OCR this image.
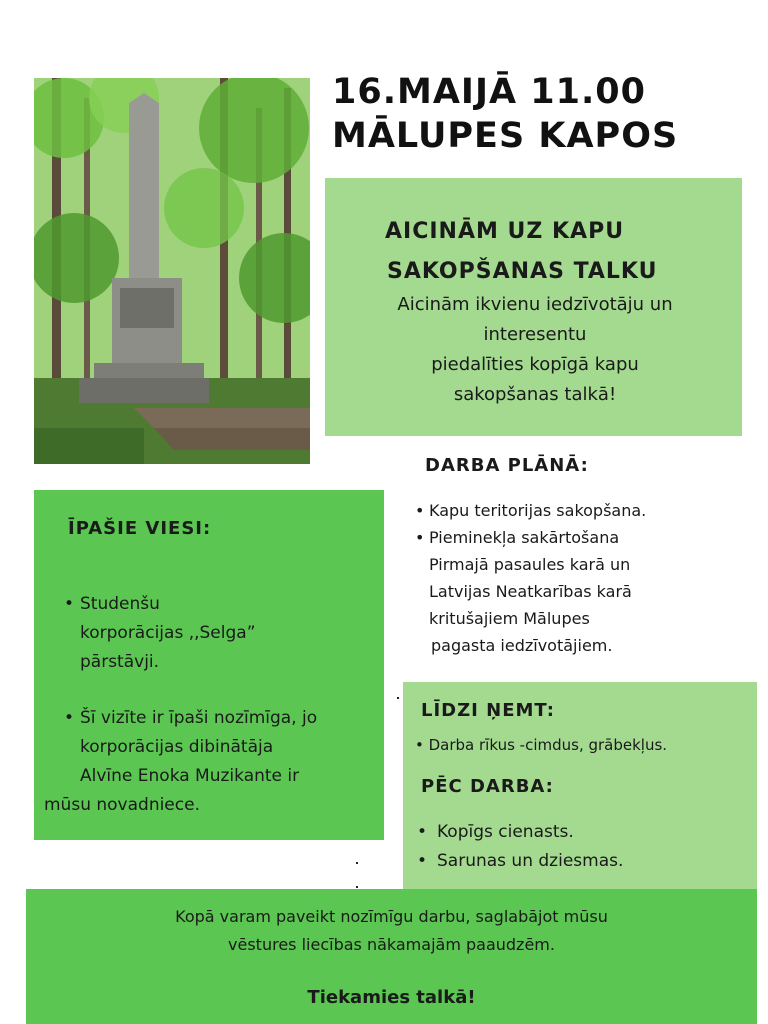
16.MAIJĀ 11.00
MĀLUPES KAPOS
AICINĀM UZ KAPU
SAKOPŠANAS TALKU
Aicinām ikvienu iedzīvotāju un
interesentu
piedalīties kopīgā kapu
sakopšanas talkā!
DARBA PLĀNĀ:
• Kapu teritorijas sakopšana.
• Pieminekļa sakārtošana
Pirmajā pasaules karā un
Latvijas Neatkarības karā
kritušajiem Mālupes
pagasta iedzīvotājiem.
ĪPAŠIE VIESI:
• Studenšu
korporācijas ,,Selga”
pārstāvji.
• Šī vizīte ir īpaši nozīmīga, jo
korporācijas dibinātāja
Alvīne Enoka Muzikante ir
mūsu novadniece.
LĪDZI ŅEMT:
• Darba rīkus -cimdus, grābekļus.
PĒC DARBA:
• Kopīgs cienasts.
• Sarunas un dziesmas.
Kopā varam paveikt nozīmīgu darbu, saglabājot mūsu
vēstures liecības nākamajām paaudzēm.
Tiekamies talkā!
